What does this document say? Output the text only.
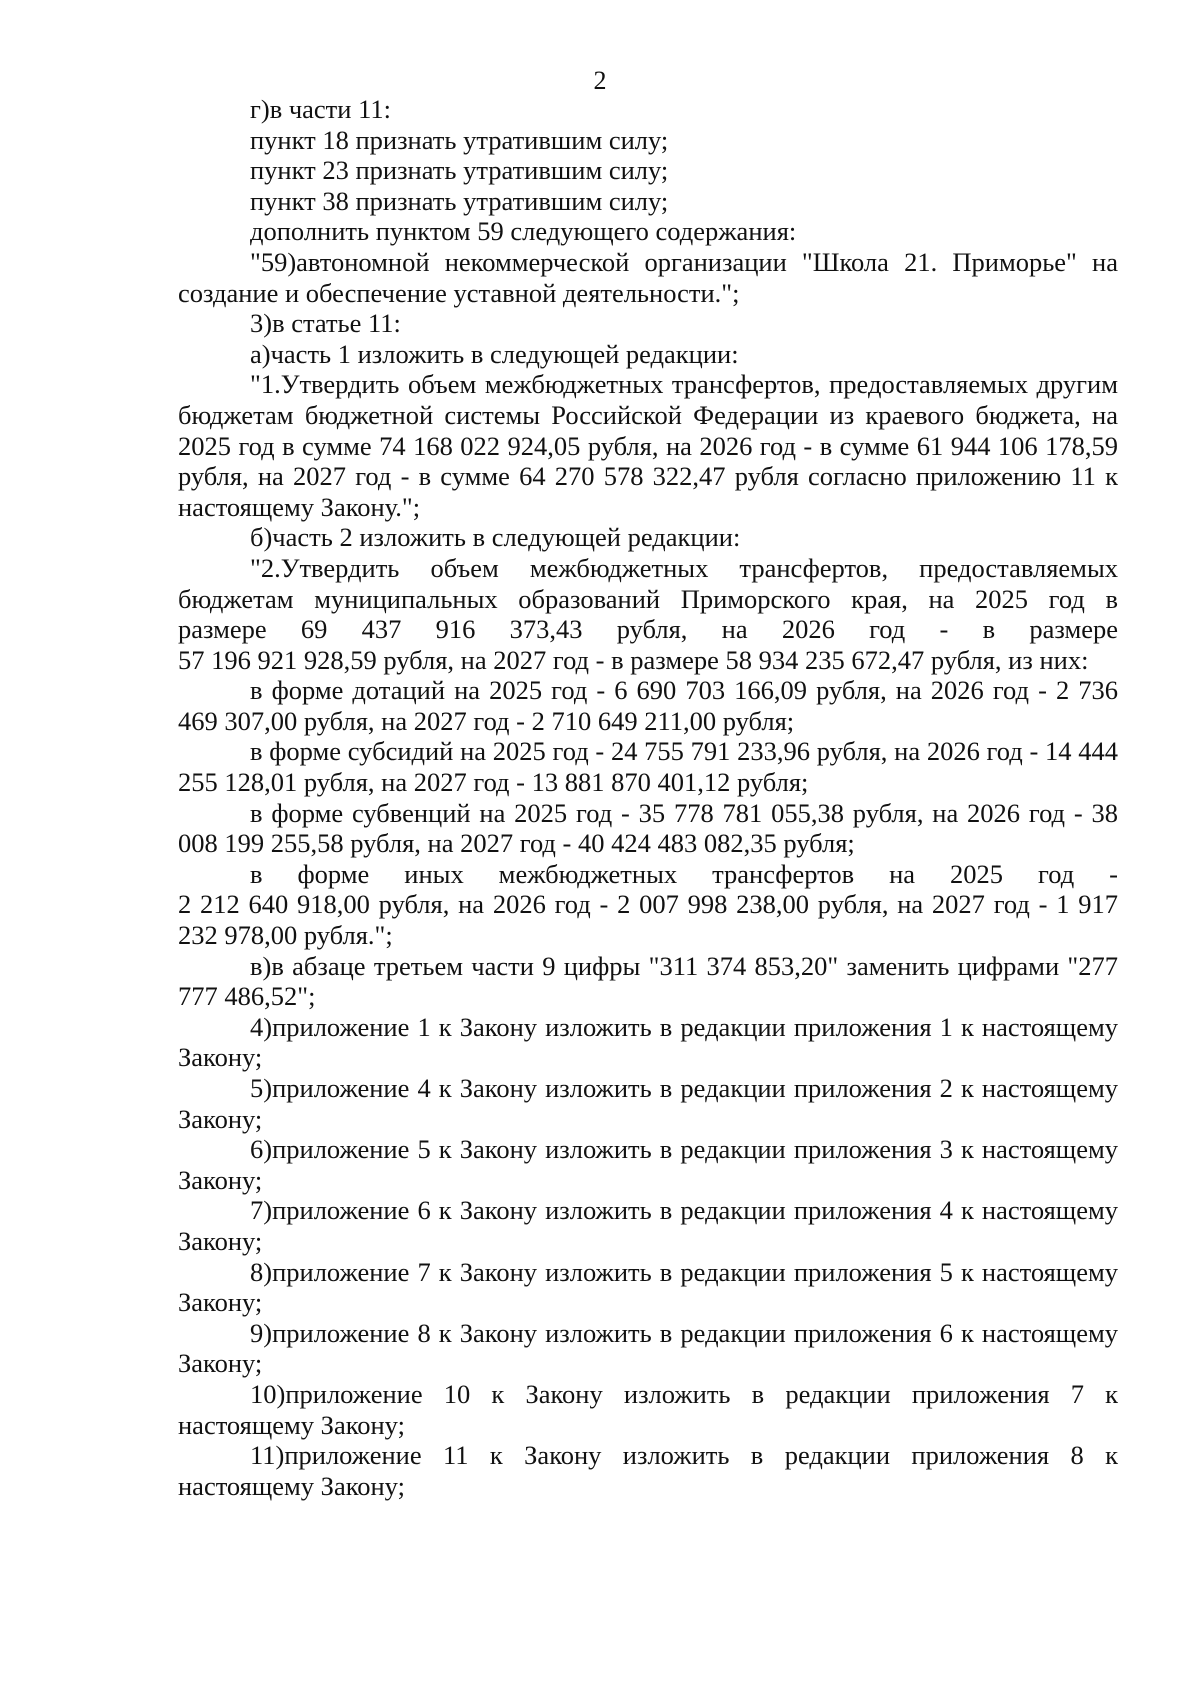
2

г)в части 11:

пункт 18 признать утратившим силу;

пункт 23 признать утратившим силу;

пункт 38 признать утратившим силу;

дополнить пунктом 59 следующего содержания:

"59)автономной некоммерческой организации "Школа 21. Приморье" на создание и обеспечение уставной деятельности.";

3)в статье 11:

а)часть 1 изложить в следующей редакции:

"1.Утвердить объем межбюджетных трансфертов, предоставляемых другим бюджетам бюджетной системы Российской Федерации из краевого бюджета, на 2025 год в сумме 74 168 022 924,05 рубля, на 2026 год - в сумме 61 944 106 178,59 рубля, на 2027 год - в сумме 64 270 578 322,47 рубля согласно приложению 11 к настоящему Закону.";

б)часть 2 изложить в следующей редакции:

"2.Утвердить объем межбюджетных трансфертов, предоставляемых бюджетам муниципальных образований Приморского края, на 2025 год в

размере 69 437 916 373,43 рубля, на 2026 год - в размере

57 196 921 928,59 рубля, на 2027 год - в размере 58 934 235 672,47 рубля, из них:

в форме дотаций на 2025 год - 6 690 703 166,09 рубля, на 2026 год - 2 736 469 307,00 рубля, на 2027 год - 2 710 649 211,00 рубля;

в форме субсидий на 2025 год - 24 755 791 233,96 рубля, на 2026 год - 14 444 255 128,01 рубля, на 2027 год - 13 881 870 401,12 рубля;

в форме субвенций на 2025 год - 35 778 781 055,38 рубля, на 2026 год - 38 008 199 255,58 рубля, на 2027 год - 40 424 483 082,35 рубля;

в форме иных межбюджетных трансфертов на 2025 год -

2 212 640 918,00 рубля, на 2026 год - 2 007 998 238,00 рубля, на 2027 год - 1 917 232 978,00 рубля.";

в)в абзаце третьем части 9 цифры "311 374 853,20" заменить цифрами "277 777 486,52";

4)приложение 1 к Закону изложить в редакции приложения 1 к настоящему Закону;

5)приложение 4 к Закону изложить в редакции приложения 2 к настоящему Закону;

6)приложение 5 к Закону изложить в редакции приложения 3 к настоящему Закону;

7)приложение 6 к Закону изложить в редакции приложения 4 к настоящему Закону;

8)приложение 7 к Закону изложить в редакции приложения 5 к настоящему Закону;

9)приложение 8 к Закону изложить в редакции приложения 6 к настоящему Закону;

10)приложение 10 к Закону изложить в редакции приложения 7 к настоящему Закону;

11)приложение 11 к Закону изложить в редакции приложения 8 к настоящему Закону;
